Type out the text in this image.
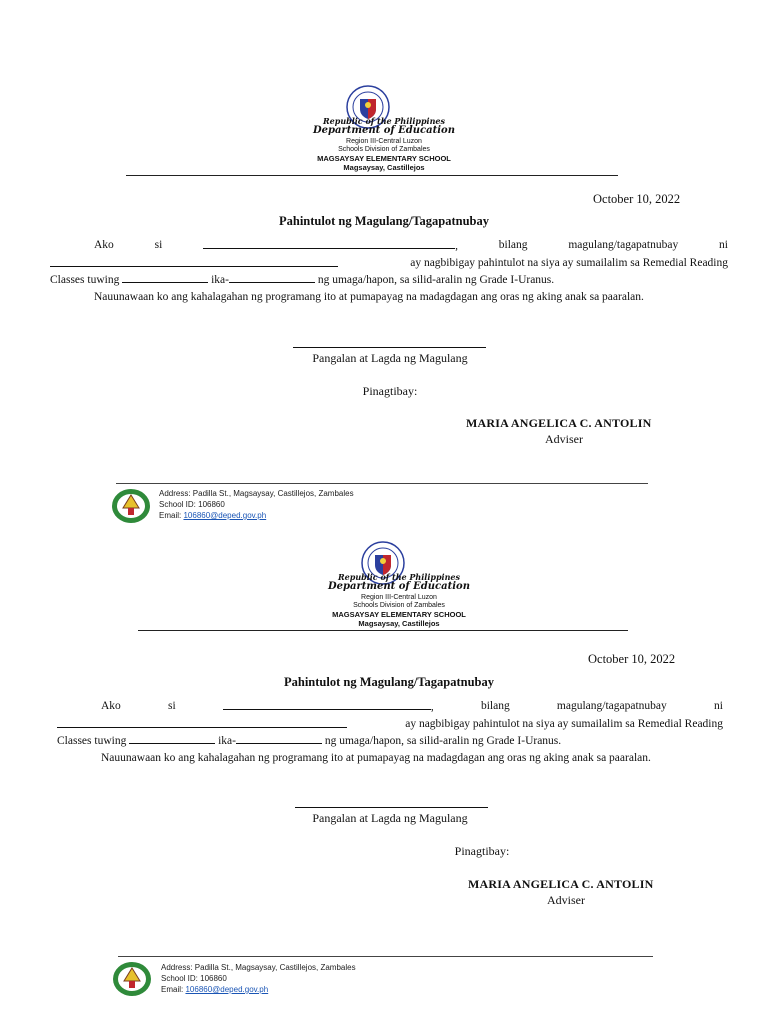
Republic of the Philippines
Department of Education
Region III-Central Luzon
Schools Division of Zambales
MAGSAYSAY ELEMENTARY SCHOOL
Magsaysay, Castillejos
October 10, 2022
Pahintulot ng Magulang/Tagapatnubay
Ako	si	,	bilang	magulang/tagapatnubay	ni
ay nagbibigay pahintulot na siya ay sumailalim sa Remedial Reading
Classes tuwing	ika-	ng umaga/hapon, sa silid-aralin ng Grade I-Uranus.
Nauunawaan ko ang kahalagahan ng programang ito at pumapayag na madagdagan ang oras ng aking anak sa paaralan.
Pangalan at Lagda ng Magulang
Pinagtibay:
MARIA ANGELICA C. ANTOLIN
Adviser
Address: Padilla St., Magsaysay, Castillejos, Zambales
School ID: 106860
Email: 106860@deped.gov.ph
Republic of the Philippines
Department of Education
Region III-Central Luzon
Schools Division of Zambales
MAGSAYSAY ELEMENTARY SCHOOL
Magsaysay, Castillejos
October 10, 2022
Pahintulot ng Magulang/Tagapatnubay
Ako	si	,	bilang	magulang/tagapatnubay	ni
ay nagbibigay pahintulot na siya ay sumailalim sa Remedial Reading
Classes tuwing	ika-	ng umaga/hapon, sa silid-aralin ng Grade I-Uranus.
Nauunawaan ko ang kahalagahan ng programang ito at pumapayag na madagdagan ang oras ng aking anak sa paaralan.
Pangalan at Lagda ng Magulang
Pinagtibay:
MARIA ANGELICA C. ANTOLIN
Adviser
Address: Padilla St., Magsaysay, Castillejos, Zambales
School ID: 106860
Email: 106860@deped.gov.ph
